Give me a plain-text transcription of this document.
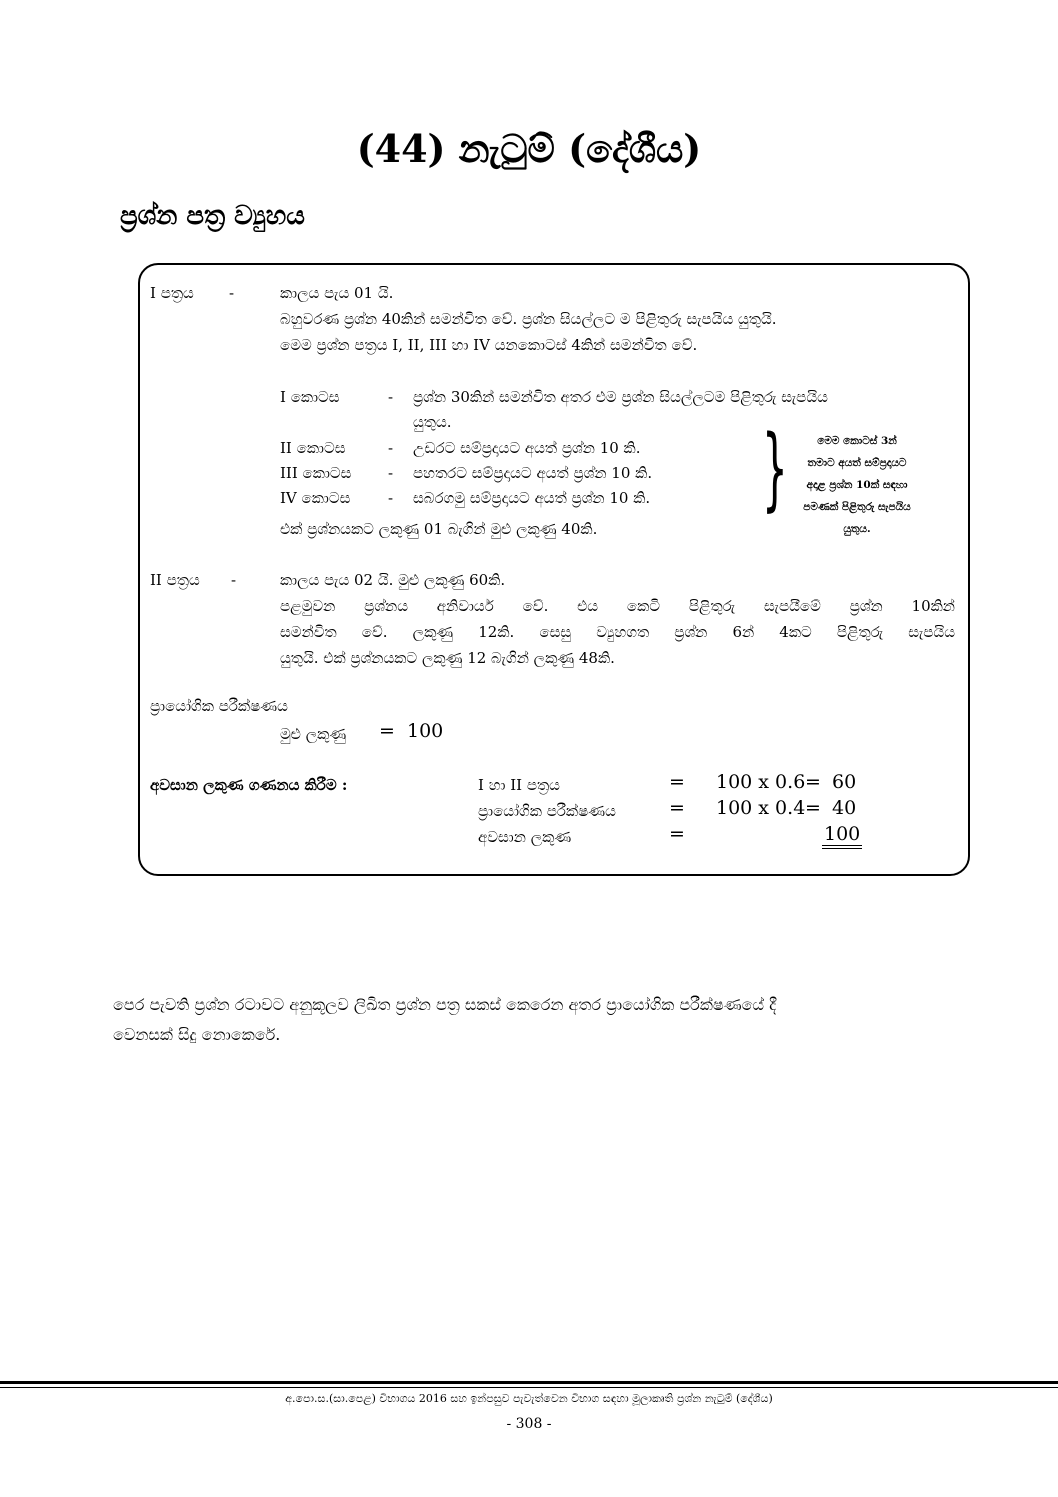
(44) නැටුම් (දේශීය)
ප්‍රශ්න පත්‍ර ව්‍යුහය
I පත්‍රය -	කාලය පැය 01 යි.
බහුවරණ ප්‍රශ්න 40කින් සමන්විත වේ. ප්‍රශ්න සියල්ලට ම පිළිතුරු සැපයිය යුතුයි.
මෙම ප්‍රශ්න පත්‍රය I, II, III හා IV යනකොටස් 4කින් සමන්විත වේ.
I කොටස	- ප්‍රශ්න 30කින් සමන්විත අතර එම ප්‍රශ්න සියල්ලටම පිළිතුරු සැපයිය
යුතුය.
II කොටස	- උඩරට සම්ප්‍රදායට අයත් ප්‍රශ්න 10 කි.
III කොටස - පහතරට සම්ප්‍රදායට අයත් ප්‍රශ්න 10 කි.
IV කොටස	- සබරගමු සම්ප්‍රදායට අයත් ප්‍රශ්න 10 කි.
එක් ප්‍රශ්නයකට ලකුණු 01 බැගින් මුළු ලකුණු 40කි.
}	මෙම කොටස් 3න්
තමාට අයත් සම්ප්‍රදායට
අදාළ ප්‍රශ්න 10ක් සඳහා
පමණක් පිළිතුරු සැපයිය
යුතුය.
II පත්‍රය -	කාලය පැය 02 යි. මුළු ලකුණු 60කි.
පළමුවන ප්‍රශ්නය අනිවාර්ය වේ. එය කෙටි පිළිතුරු සැපයීමේ ප්‍රශ්න 10කින්
සමන්විත වේ. ලකුණු 12කි. සෙසු ව්‍යුහගත ප්‍රශ්න 6න් 4කට පිළිතුරු සැපයිය
යුතුයි. එක් ප්‍රශ්නයකට ලකුණු 12 බැගින් ලකුණු 48කි.
ප්‍රායෝගික පරීක්ෂණය
මුළු ලකුණු = 100
අවසාන ලකුණ ගණනය කිරීම :	I හා II පත්‍රය	= 100 x 0.6 = 60
ප්‍රායෝගික පරීක්ෂණය	= 100 x 0.4 = 40
අවසාන ලකුණ	=	100
පෙර පැවති ප්‍රශ්න රටාවට අනුකූලව ලිඛිත ප්‍රශ්න පත්‍ර සකස් කෙරෙන අතර ප්‍රායෝගික පරීක්ෂණයේ දී
වෙනසක් සිදු නොකෙරේ.
අ.පො.ස.(සා.පෙළ) විභාගය 2016 සහ ඉන්පසුව පැවැත්වෙන විභාග සඳහා මූලාකෘති ප්‍රශ්න නැටුම් (දේශීය)
- 308 -
